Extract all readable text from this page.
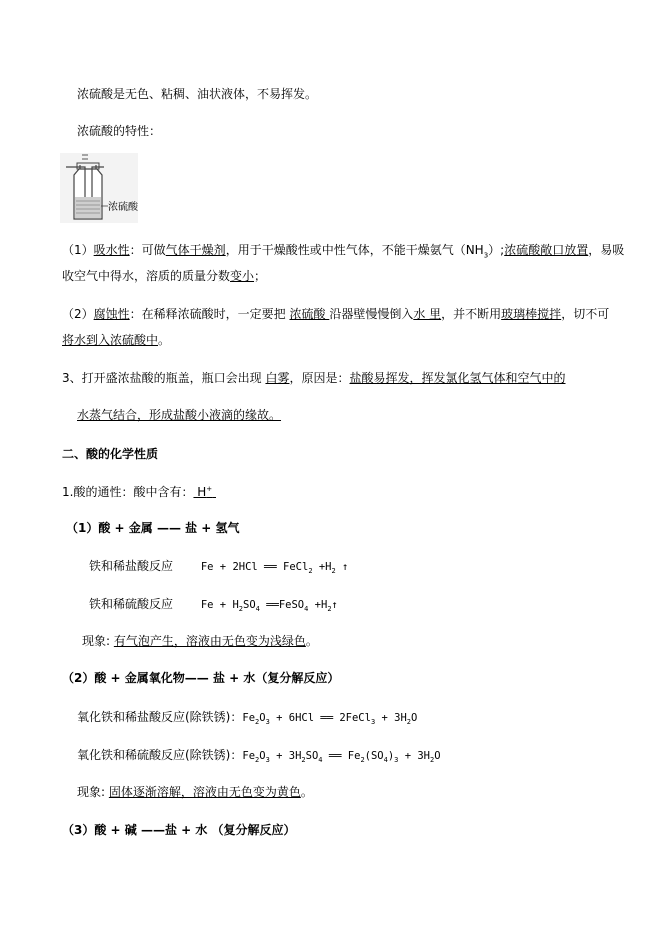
浓硫酸是无色、粘稠、油状液体，不易挥发。
浓硫酸的特性：
浓硫酸
（1）吸水性：可做气体干燥剂，用于干燥酸性或中性气体，不能干燥氨气$(NH_3)$;浓硫酸敞口放置，易吸
收空气中得水，溶质的质量分数变小；
（2）腐蚀性：在稀释浓硫酸时，一定要把 浓硫酸 沿器壁慢慢倒入水 里，并不断用玻璃棒搅拌，切不可
将水到入浓硫酸中。
3、打开盛浓盐酸的瓶盖，瓶口会出现 白雾，原因是：盐酸易挥发，挥发氯化氢气体和空气中的
水蒸气结合，形成盐酸小液滴的缘故。
二、酸的化学性质
1.酸的通性：酸中含有： H+
（1）酸 + 金属 —— 盐 + 氢气
铁和稀盐酸反应	Fe + 2HCl ══ FeCl$_2$ $+H_2$ ↑
铁和稀硫酸反应	$Fe + H_2SO_4$ ══FeSO$_4$ $+H_2↑$
现象: 有气泡产生，溶液由无色变为浅绿色。
（2）酸 + 金属氧化物—— 盐 + 水（复分解反应）
氧化铁和稀盐酸反应(除铁锈)：$Fe_2O_3 + 6HCl$ ══ 2FeCl$_3$ + $3H_2O$
氧化铁和稀硫酸反应(除铁锈)：$Fe_2O_3 + 3H_2SO_4$ ══ $Fe_2(SO_4)_3 + 3H_2O$
现象: 固体逐渐溶解，溶液由无色变为黄色。
（3）酸 + 碱 ——盐 + 水 （复分解反应）
